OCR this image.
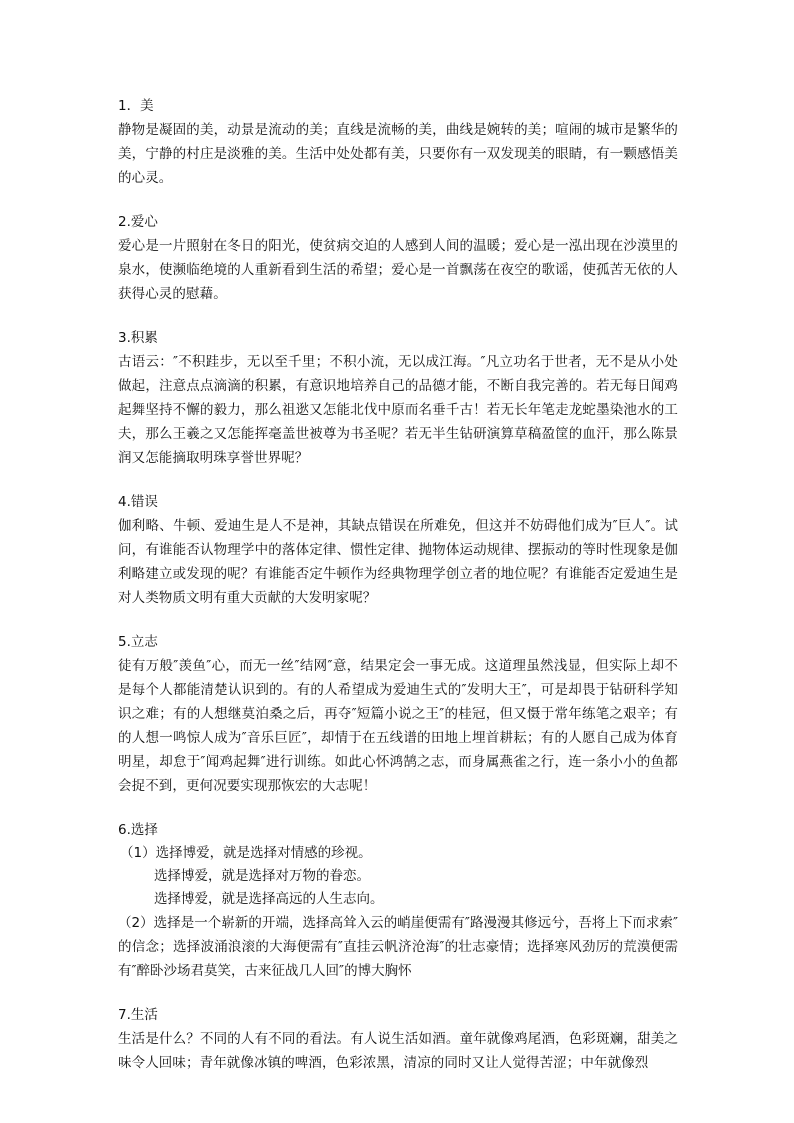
1．美

静物是凝固的美，动景是流动的美；直线是流畅的美，曲线是婉转的美；喧闹的城市是繁华的美，宁静的村庄是淡雅的美。生活中处处都有美，只要你有一双发现美的眼睛，有一颗感悟美的心灵。

2.爱心

爱心是一片照射在冬日的阳光，使贫病交迫的人感到人间的温暖；爱心是一泓出现在沙漠里的泉水，使濒临绝境的人重新看到生活的希望；爱心是一首飘荡在夜空的歌谣，使孤苦无依的人获得心灵的慰藉。

3.积累

古语云：″不积跬步，无以至千里；不积小流，无以成江海。″凡立功名于世者，无不是从小处做起，注意点点滴滴的积累，有意识地培养自己的品德才能，不断自我完善的。若无每日闻鸡起舞坚持不懈的毅力，那么祖逖又怎能北伐中原而名垂千古！若无长年笔走龙蛇墨染池水的工夫，那么王羲之又怎能挥毫盖世被尊为书圣呢？若无半生钻研演算草稿盈筐的血汗，那么陈景润又怎能摘取明珠享誉世界呢？

4.错误

伽利略、牛顿、爱迪生是人不是神，其缺点错误在所难免，但这并不妨碍他们成为″巨人″。试问，有谁能否认物理学中的落体定律、惯性定律、抛物体运动规律、摆振动的等时性现象是伽利略建立或发现的呢？有谁能否定牛顿作为经典物理学创立者的地位呢？有谁能否定爱迪生是对人类物质文明有重大贡献的大发明家呢？

5.立志

徒有万般″羡鱼″心，而无一丝″结网″意，结果定会一事无成。这道理虽然浅显，但实际上却不是每个人都能清楚认识到的。有的人希望成为爱迪生式的″发明大王″，可是却畏于钻研科学知识之难；有的人想继莫泊桑之后，再夺″短篇小说之王″的桂冠，但又慑于常年练笔之艰辛；有的人想一鸣惊人成为″音乐巨匠″，却情于在五线谱的田地上埋首耕耘；有的人愿自己成为体育明星，却怠于″闻鸡起舞″进行训练。如此心怀鸿鹄之志，而身属燕雀之行，连一条小小的鱼都会捉不到，更何况要实现那恢宏的大志呢！

6.选择

（1）选择博爱，就是选择对情感的珍视。

选择博爱，就是选择对万物的眷恋。

选择博爱，就是选择高远的人生志向。

（2）选择是一个崭新的开端，选择高耸入云的峭崖便需有″路漫漫其修远兮，吾将上下而求索″的信念；选择波涌浪滚的大海便需有″直挂云帆济沧海″的壮志豪情；选择寒风劲厉的荒漠便需有″醉卧沙场君莫笑，古来征战几人回″的博大胸怀

7.生活

生活是什么？不同的人有不同的看法。有人说生活如酒。童年就像鸡尾酒，色彩斑斓，甜美之味令人回味；青年就像冰镇的啤酒，色彩浓黑，清凉的同时又让人觉得苦涩；中年就像烈
